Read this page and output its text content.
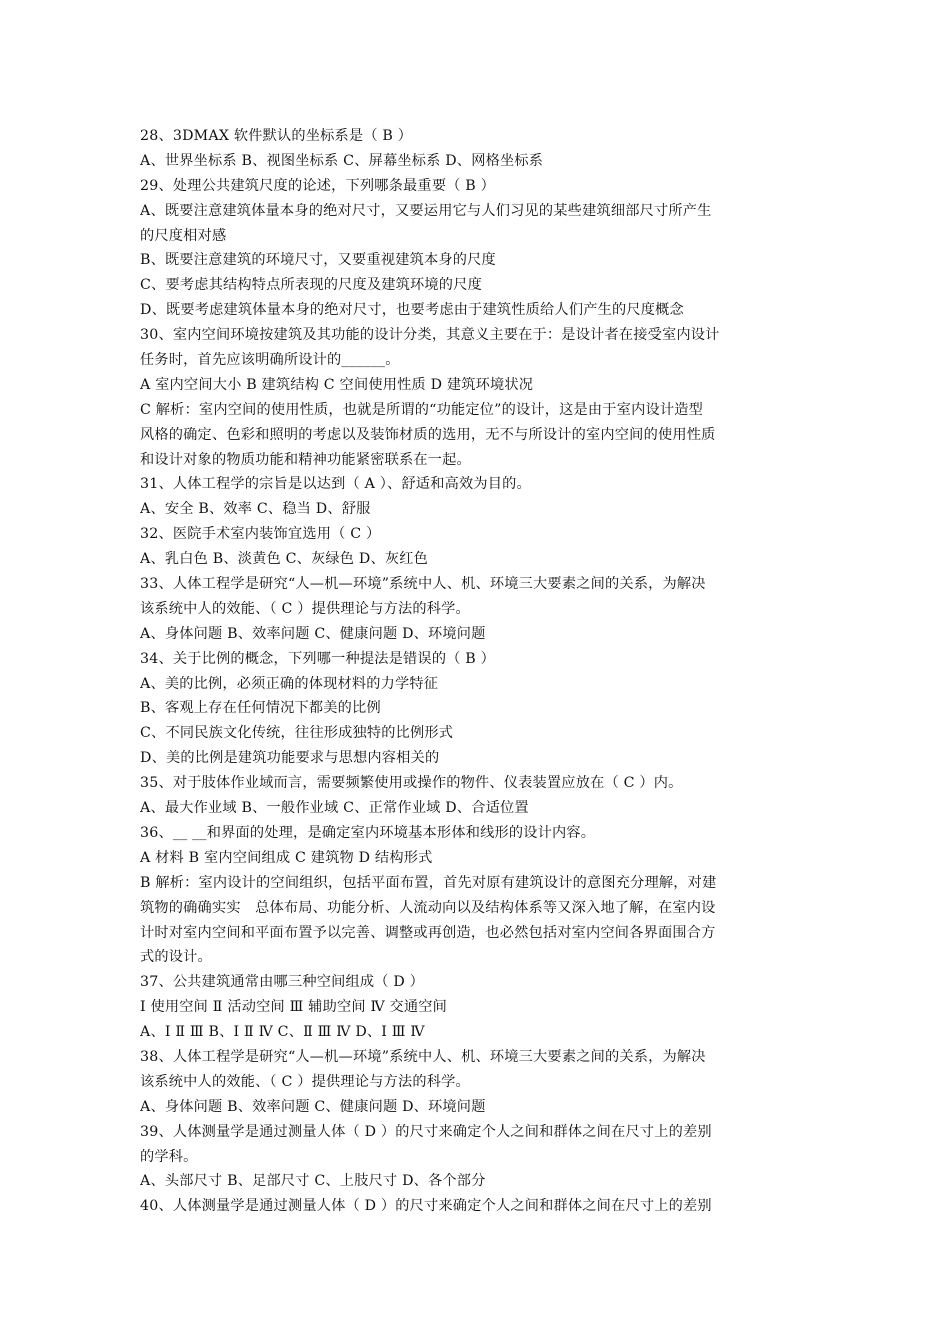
28、3DMAX 软件默认的坐标系是（ B ）
A、世界坐标系 B、视图坐标系 C、屏幕坐标系 D、网格坐标系
29、处理公共建筑尺度的论述，下列哪条最重要（ B ）
A、既要注意建筑体量本身的绝对尺寸，又要运用它与人们习见的某些建筑细部尺寸所产生
的尺度相对感
B、既要注意建筑的环境尺寸，又要重视建筑本身的尺度
C、要考虑其结构特点所表现的尺度及建筑环境的尺度
D、既要考虑建筑体量本身的绝对尺寸，也要考虑由于建筑性质给人们产生的尺度概念
30、室内空间环境按建筑及其功能的设计分类，其意义主要在于：是设计者在接受室内设计
任务时，首先应该明确所设计的______。
A 室内空间大小 B 建筑结构 C 空间使用性质 D 建筑环境状况
C 解析：室内空间的使用性质，也就是所谓的“功能定位”的设计，这是由于室内设计造型
风格的确定、色彩和照明的考虑以及装饰材质的选用，无不与所设计的室内空间的使用性质
和设计对象的物质功能和精神功能紧密联系在一起。
31、人体工程学的宗旨是以达到（ A ）、舒适和高效为目的。
A、安全 B、效率 C、稳当 D、舒服
32、医院手术室内装饰宜选用（ C ）
A、乳白色 B、淡黄色 C、灰绿色 D、灰红色
33、人体工程学是研究“人—机—环境”系统中人、机、环境三大要素之间的关系，为解决
该系统中人的效能、（ C ）提供理论与方法的科学。
A、身体问题 B、效率问题 C、健康问题 D、环境问题
34、关于比例的概念，下列哪一种提法是错误的（ B ）
A、美的比例，必须正确的体现材料的力学特征
B、客观上存在任何情况下都美的比例
C、不同民族文化传统，往往形成独特的比例形式
D、美的比例是建筑功能要求与思想内容相关的
35、对于肢体作业域而言，需要频繁使用或操作的物件、仪表装置应放在（ C ）内。
A、最大作业域 B、一般作业域 C、正常作业域 D、合适位置
36、__ __和界面的处理，是确定室内环境基本形体和线形的设计内容。
A 材料 B 室内空间组成 C 建筑物 D 结构形式
B 解析：室内设计的空间组织，包括平面布置，首先对原有建筑设计的意图充分理解，对建
筑物的确确实实　总体布局、功能分析、人流动向以及结构体系等又深入地了解，在室内设
计时对室内空间和平面布置予以完善、调整或再创造，也必然包括对室内空间各界面围合方
式的设计。
37、公共建筑通常由哪三种空间组成（ D ）
Ⅰ 使用空间 Ⅱ 活动空间 Ⅲ 辅助空间 Ⅳ 交通空间
A、Ⅰ Ⅱ Ⅲ B、Ⅰ Ⅱ Ⅳ C、Ⅱ Ⅲ Ⅳ D、Ⅰ Ⅲ Ⅳ
38、人体工程学是研究“人—机—环境”系统中人、机、环境三大要素之间的关系，为解决
该系统中人的效能、（ C ）提供理论与方法的科学。
A、身体问题 B、效率问题 C、健康问题 D、环境问题
39、人体测量学是通过测量人体（ D ）的尺寸来确定个人之间和群体之间在尺寸上的差别
的学科。
A、头部尺寸 B、足部尺寸 C、上肢尺寸 D、各个部分
40、人体测量学是通过测量人体（ D ）的尺寸来确定个人之间和群体之间在尺寸上的差别
